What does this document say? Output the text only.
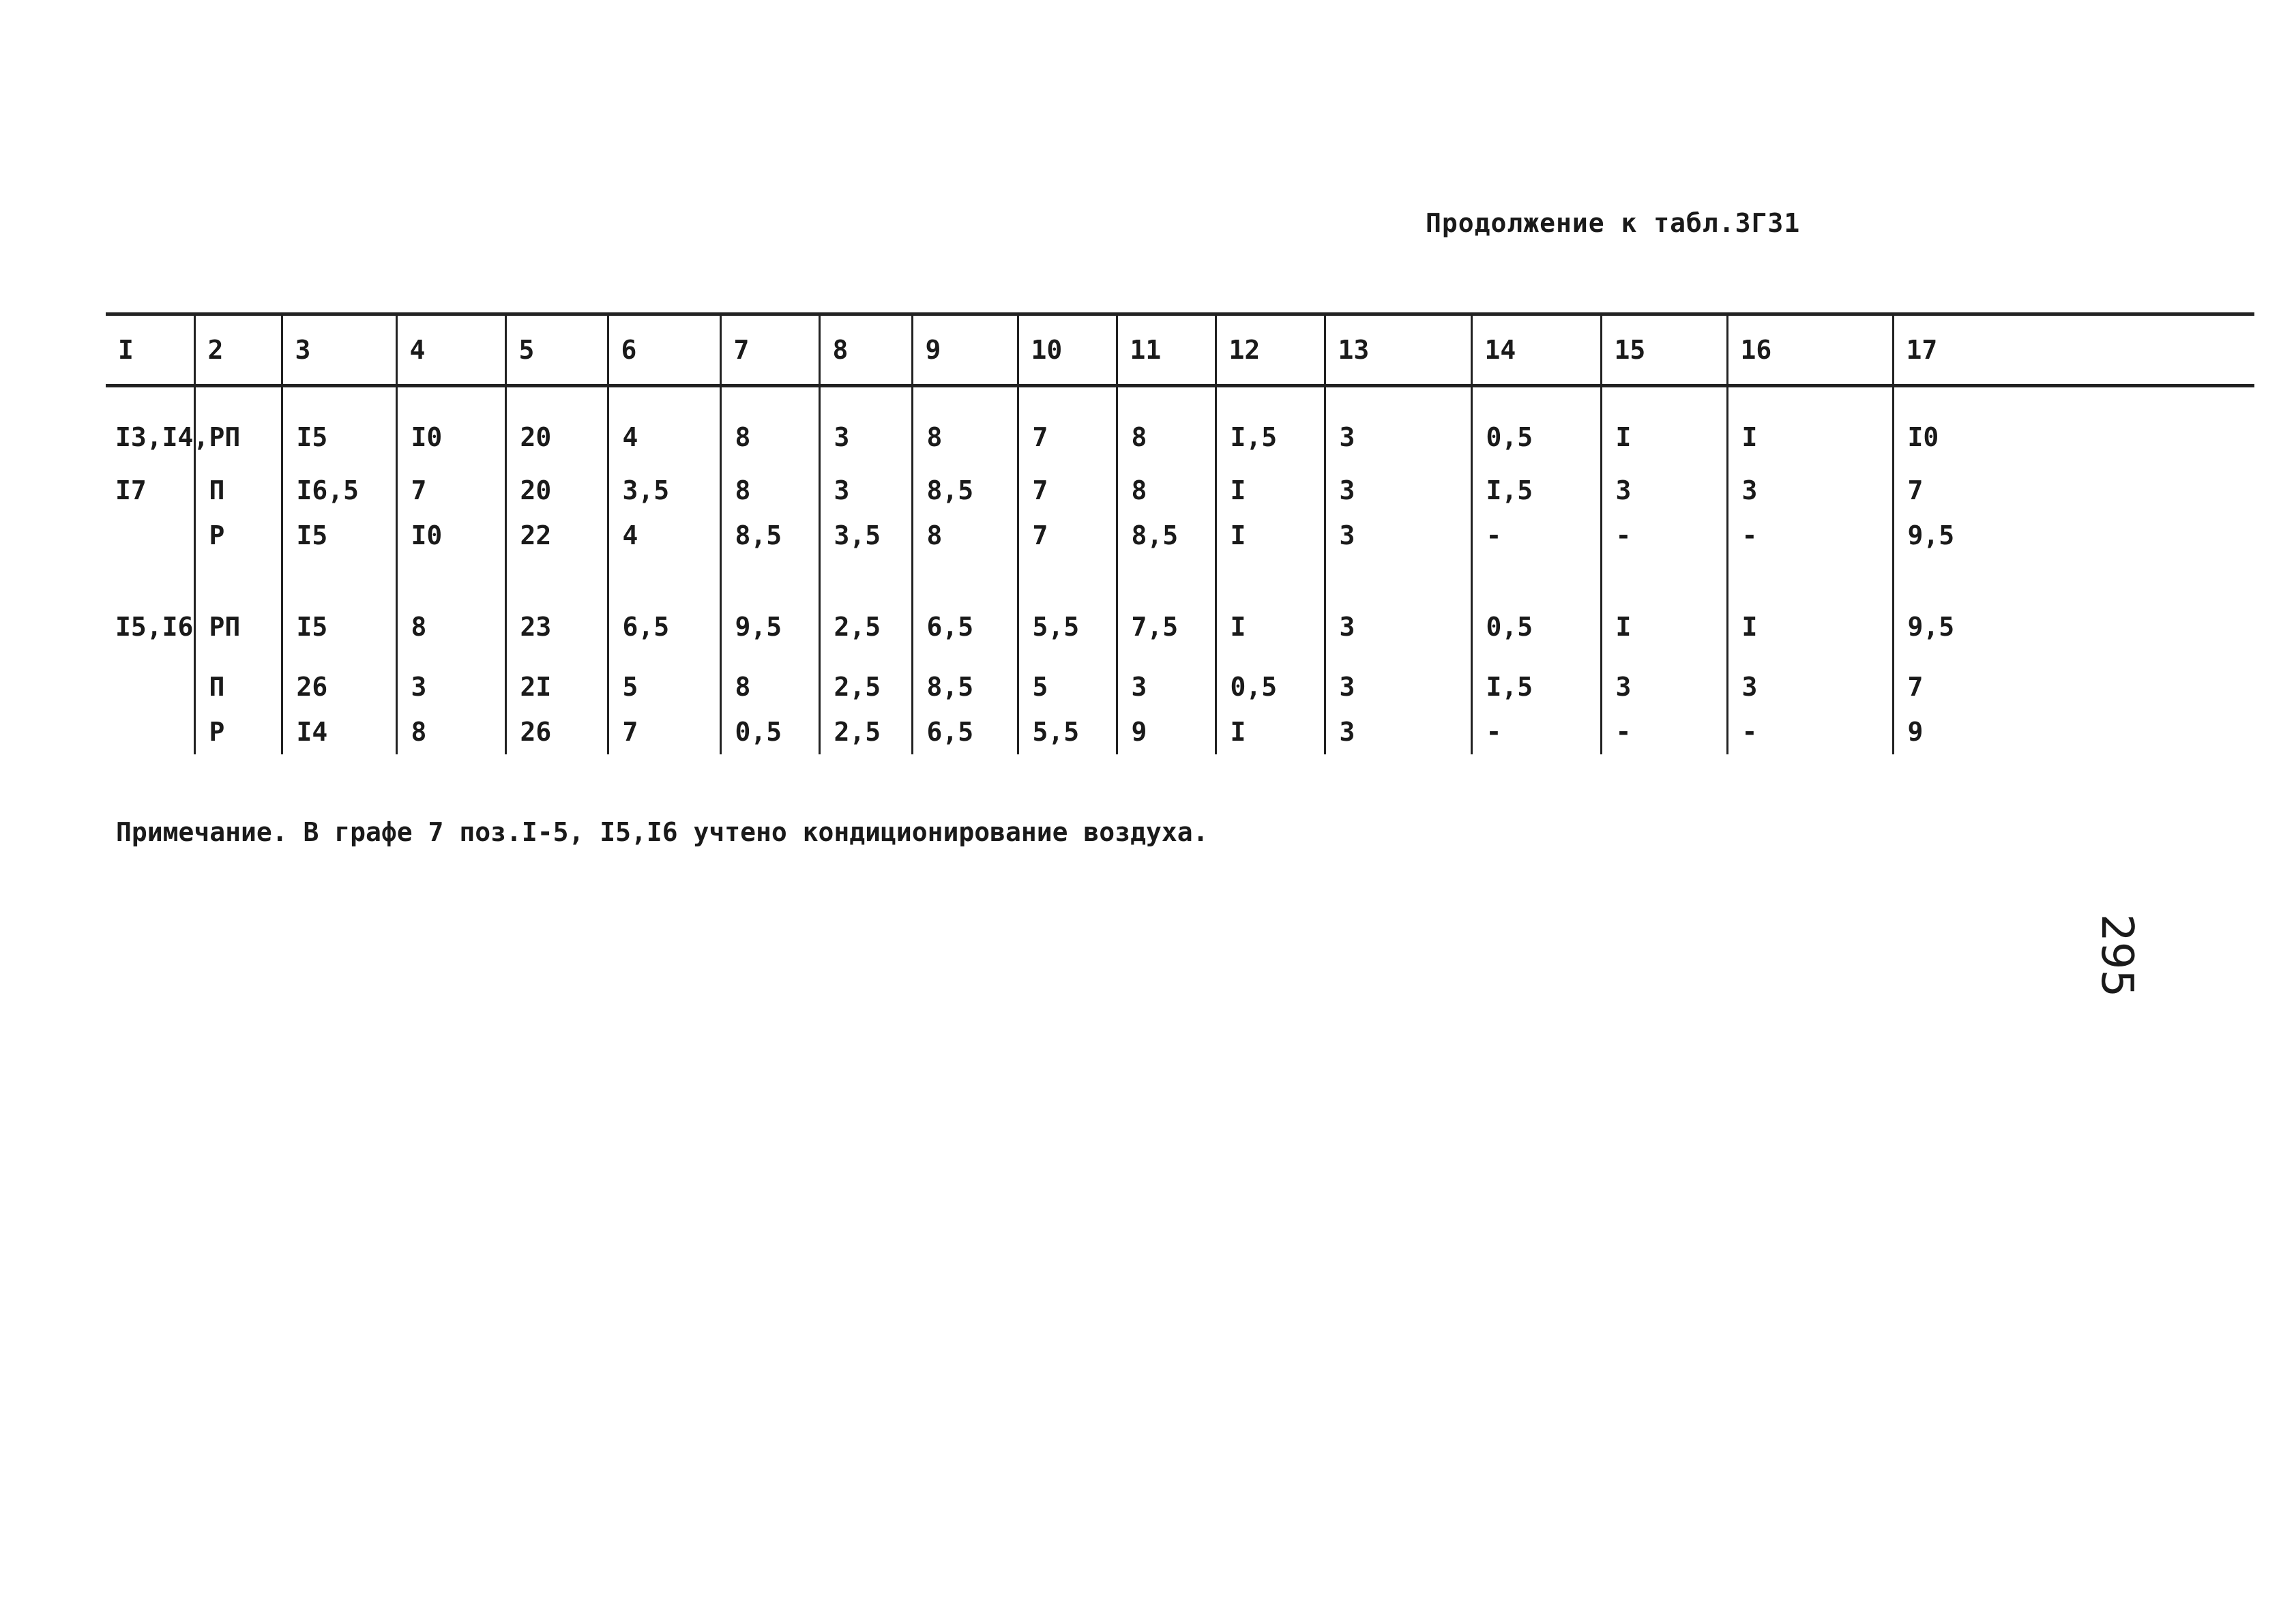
Продолжение к табл.3Г31
I	2	3	4	5	6	7	8	9	10	11	12	13	14	15	16	17
I3,I4,	РП	I5	I0	20	4	8	3	8	7	8	I,5	3	0,5	I	I	I0
I7	П	I6,5	7	20	3,5	8	3	8,5	7	8	I	3	I,5	3	3	7
	Р	I5	I0	22	4	8,5	3,5	8	7	8,5	I	3	-	-	-	9,5
I5,I6	РП	I5	8	23	6,5	9,5	2,5	6,5	5,5	7,5	I	3	0,5	I	I	9,5
	П	26	3	2I	5	8	2,5	8,5	5	3	0,5	3	I,5	3	3	7
	Р	I4	8	26	7	0,5	2,5	6,5	5,5	9	I	3	-	-	-	9
Примечание. В графе 7 поз.I-5, I5,I6 учтено кондиционирование воздуха.
295
